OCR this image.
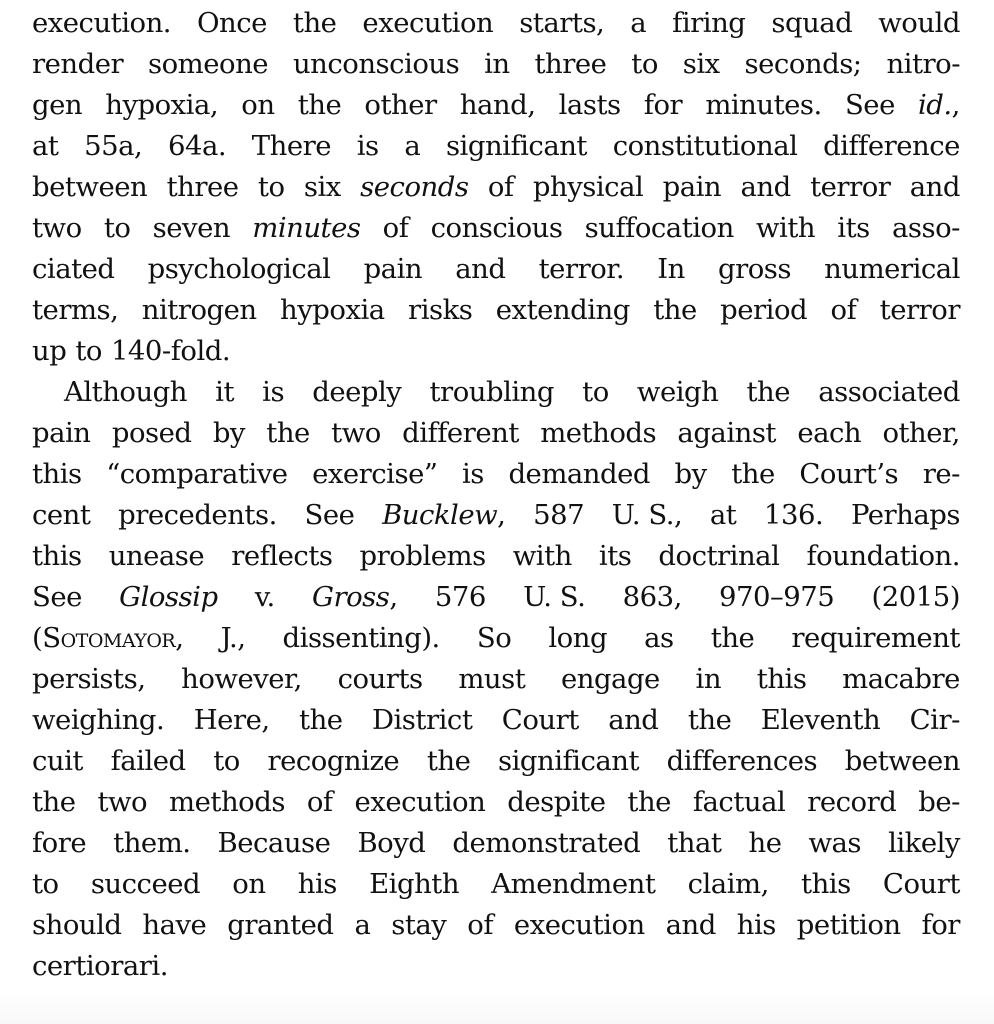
execution. Once the execution starts, a firing squad would
render someone unconscious in three to six seconds; nitro-
gen hypoxia, on the other hand, lasts for minutes. See id.,
at 55a, 64a. There is a significant constitutional difference
between three to six seconds of physical pain and terror and
two to seven minutes of conscious suffocation with its asso-
ciated psychological pain and terror. In gross numerical
terms, nitrogen hypoxia risks extending the period of terror
up to 140-fold.
Although it is deeply troubling to weigh the associated
pain posed by the two different methods against each other,
this “comparative exercise” is demanded by the Court’s re-
cent precedents. See Bucklew, 587 U. S., at 136. Perhaps
this unease reflects problems with its doctrinal foundation.
See Glossip v. Gross, 576 U. S. 863, 970–975 (2015)
(Sotomayor, J., dissenting). So long as the requirement
persists, however, courts must engage in this macabre
weighing. Here, the District Court and the Eleventh Cir-
cuit failed to recognize the significant differences between
the two methods of execution despite the factual record be-
fore them. Because Boyd demonstrated that he was likely
to succeed on his Eighth Amendment claim, this Court
should have granted a stay of execution and his petition for
certiorari.
